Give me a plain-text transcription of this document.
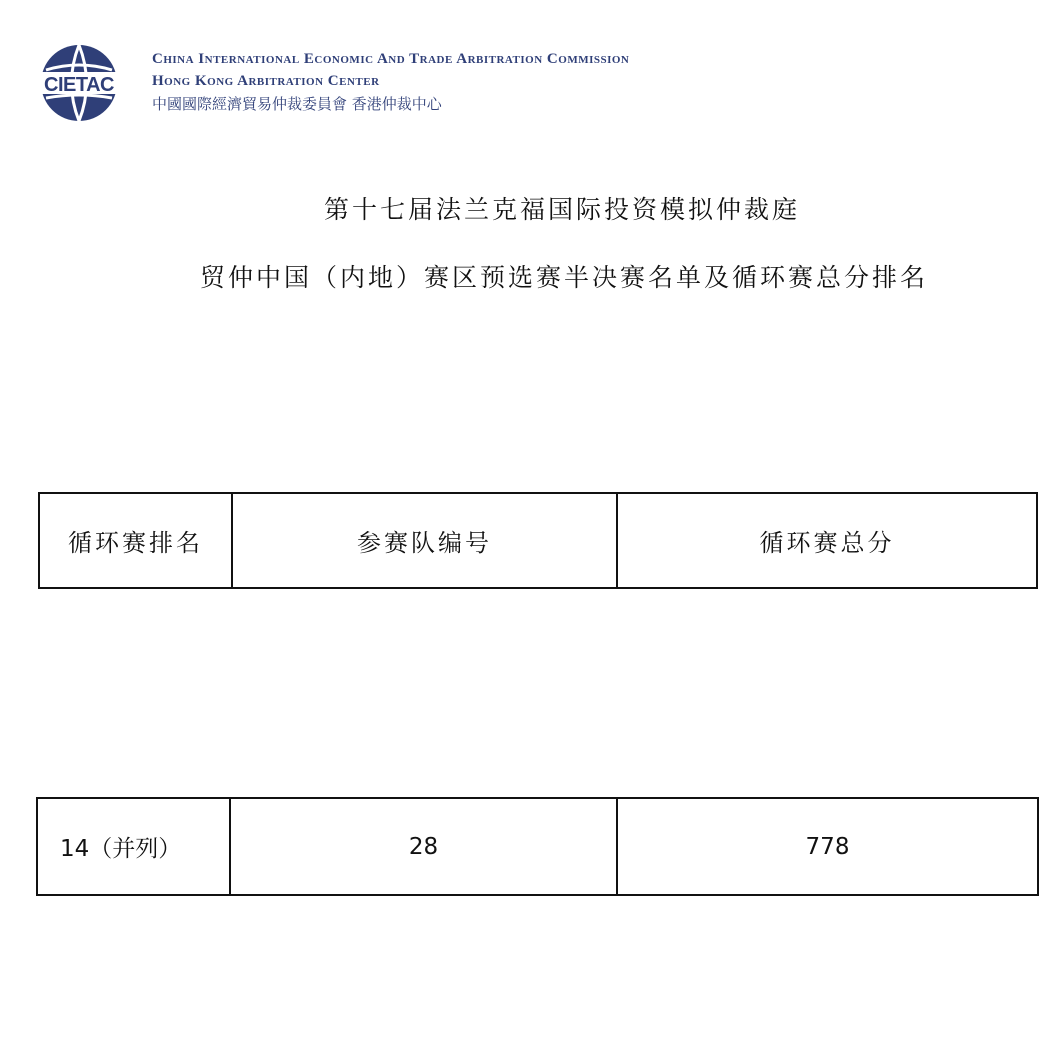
CIETAC
China International Economic And Trade Arbitration Commission
Hong Kong Arbitration Center
中國國際經濟貿易仲裁委員會 香港仲裁中心
第十七届法兰克福国际投资模拟仲裁庭
贸仲中国（内地）赛区预选赛半决赛名单及循环赛总分排名
循环赛排名	参赛队编号	循环赛总分
14（并列）	28	778
